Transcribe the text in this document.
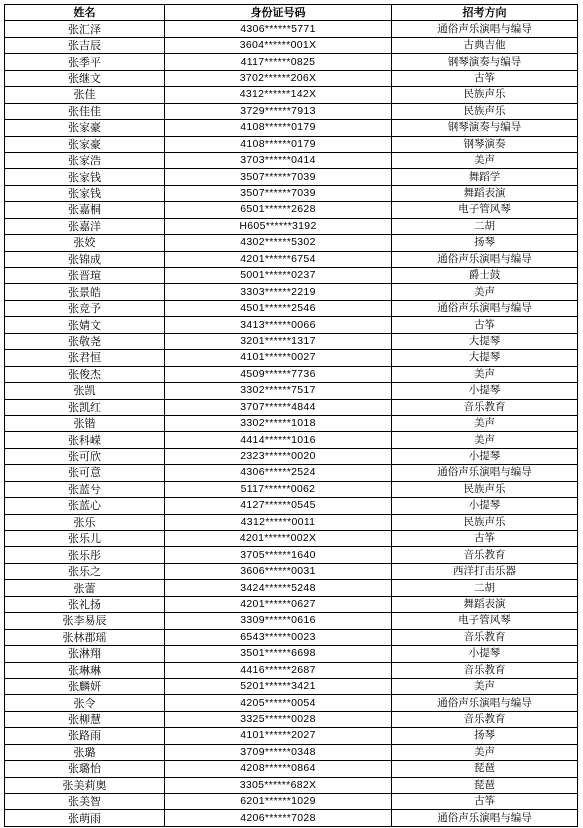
姓名	身份证号码	招考方向
张汇泽	4306******5771	通俗声乐演唱与编导
张吉辰	3604******001X	古典吉他
张季平	4117******0825	钢琴演奏与编导
张继文	3702******206X	古筝
张佳	4312******142X	民族声乐
张佳佳	3729******7913	民族声乐
张家豪	4108******0179	钢琴演奏与编导
张家豪	4108******0179	钢琴演奏
张家浩	3703******0414	美声
张家钱	3507******7039	舞蹈学
张家钱	3507******7039	舞蹈表演
张嘉桐	6501******2628	电子管风琴
张嘉洋	H605******3192	二胡
张姣	4302******5302	扬琴
张锦成	4201******6754	通俗声乐演唱与编导
张晋瑄	5001******0237	爵士鼓
张景皓	3303******2219	美声
张竞予	4501******2546	通俗声乐演唱与编导
张婧文	3413******0066	古筝
张敬尧	3201******1317	大提琴
张君恒	4101******0027	大提琴
张俊杰	4509******7736	美声
张凯	3302******7517	小提琴
张凯红	3707******4844	音乐教育
张锴	3302******1018	美声
张科嵘	4414******1016	美声
张可欣	2323******0020	小提琴
张可意	4306******2524	通俗声乐演唱与编导
张蓝兮	5117******0062	民族声乐
张蓝心	4127******0545	小提琴
张乐	4312******0011	民族声乐
张乐儿	4201******002X	古筝
张乐彤	3705******1640	音乐教育
张乐之	3606******0031	西洋打击乐器
张蕾	3424******5248	二胡
张礼扬	4201******0627	舞蹈表演
张李易辰	3309******0616	电子管风琴
张林郡瑶	6543******0023	音乐教育
张淋翔	3501******6698	小提琴
张琳琳	4416******2687	音乐教育
张麟妍	5201******3421	美声
张令	4205******0054	通俗声乐演唱与编导
张柳慧	3325******0028	音乐教育
张路雨	4101******2027	扬琴
张璐	3709******0348	美声
张璐怡	4208******0864	琵琶
张美莉奥	3305******682X	琵琶
张美智	6201******1029	古筝
张萌雨	4206******7028	通俗声乐演唱与编导
